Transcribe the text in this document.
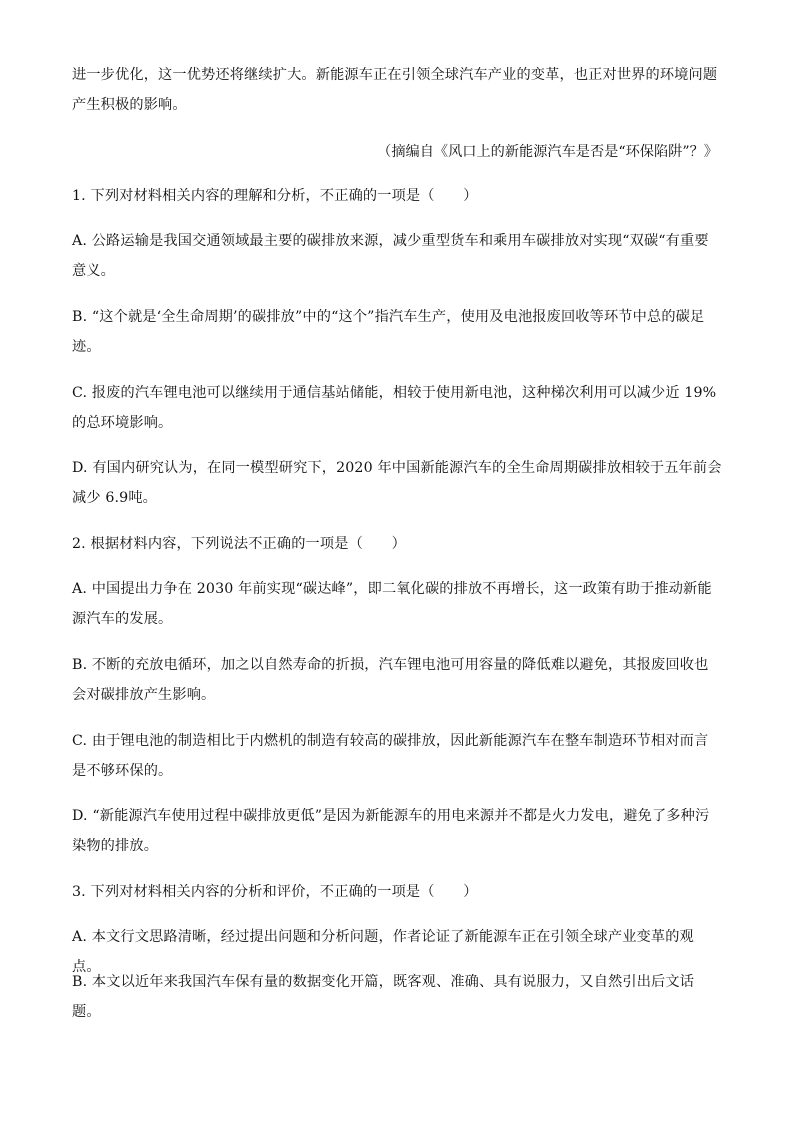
进一步优化，这一优势还将继续扩大。新能源车正在引领全球汽车产业的变革，也正对世界的环境问题产生积极的影响。
（摘编自《风口上的新能源汽车是否是“环保陷阱”？》
1. 下列对材料相关内容的理解和分析，不正确的一项是（　　）
A. 公路运输是我国交通领域最主要的碳排放来源，减少重型货车和乘用车碳排放对实现“双碳“有重要意义。
B. “这个就是‘全生命周期’的碳排放”中的“这个”指汽车生产，使用及电池报废回收等环节中总的碳足迹。
C. 报废的汽车锂电池可以继续用于通信基站储能，相较于使用新电池，这种梯次利用可以减少近 19%的总环境影响。
D. 有国内研究认为，在同一模型研究下，2020 年中国新能源汽车的全生命周期碳排放相较于五年前会减少 6.9吨。
2. 根据材料内容，下列说法不正确的一项是（　　）
A. 中国提出力争在 2030 年前实现“碳达峰”，即二氧化碳的排放不再增长，这一政策有助于推动新能源汽车的发展。
B. 不断的充放电循环，加之以自然寿命的折损，汽车锂电池可用容量的降低难以避免，其报废回收也会对碳排放产生影响。
C. 由于锂电池的制造相比于内燃机的制造有较高的碳排放，因此新能源汽车在整车制造环节相对而言是不够环保的。
D. “新能源汽车使用过程中碳排放更低”是因为新能源车的用电来源并不都是火力发电，避免了多种污染物的排放。
3. 下列对材料相关内容的分析和评价，不正确的一项是（　　）
A. 本文行文思路清晰，经过提出问题和分析问题，作者论证了新能源车正在引领全球产业变革的观点。
B. 本文以近年来我国汽车保有量的数据变化开篇，既客观、准确、具有说服力，又自然引出后文话题。
